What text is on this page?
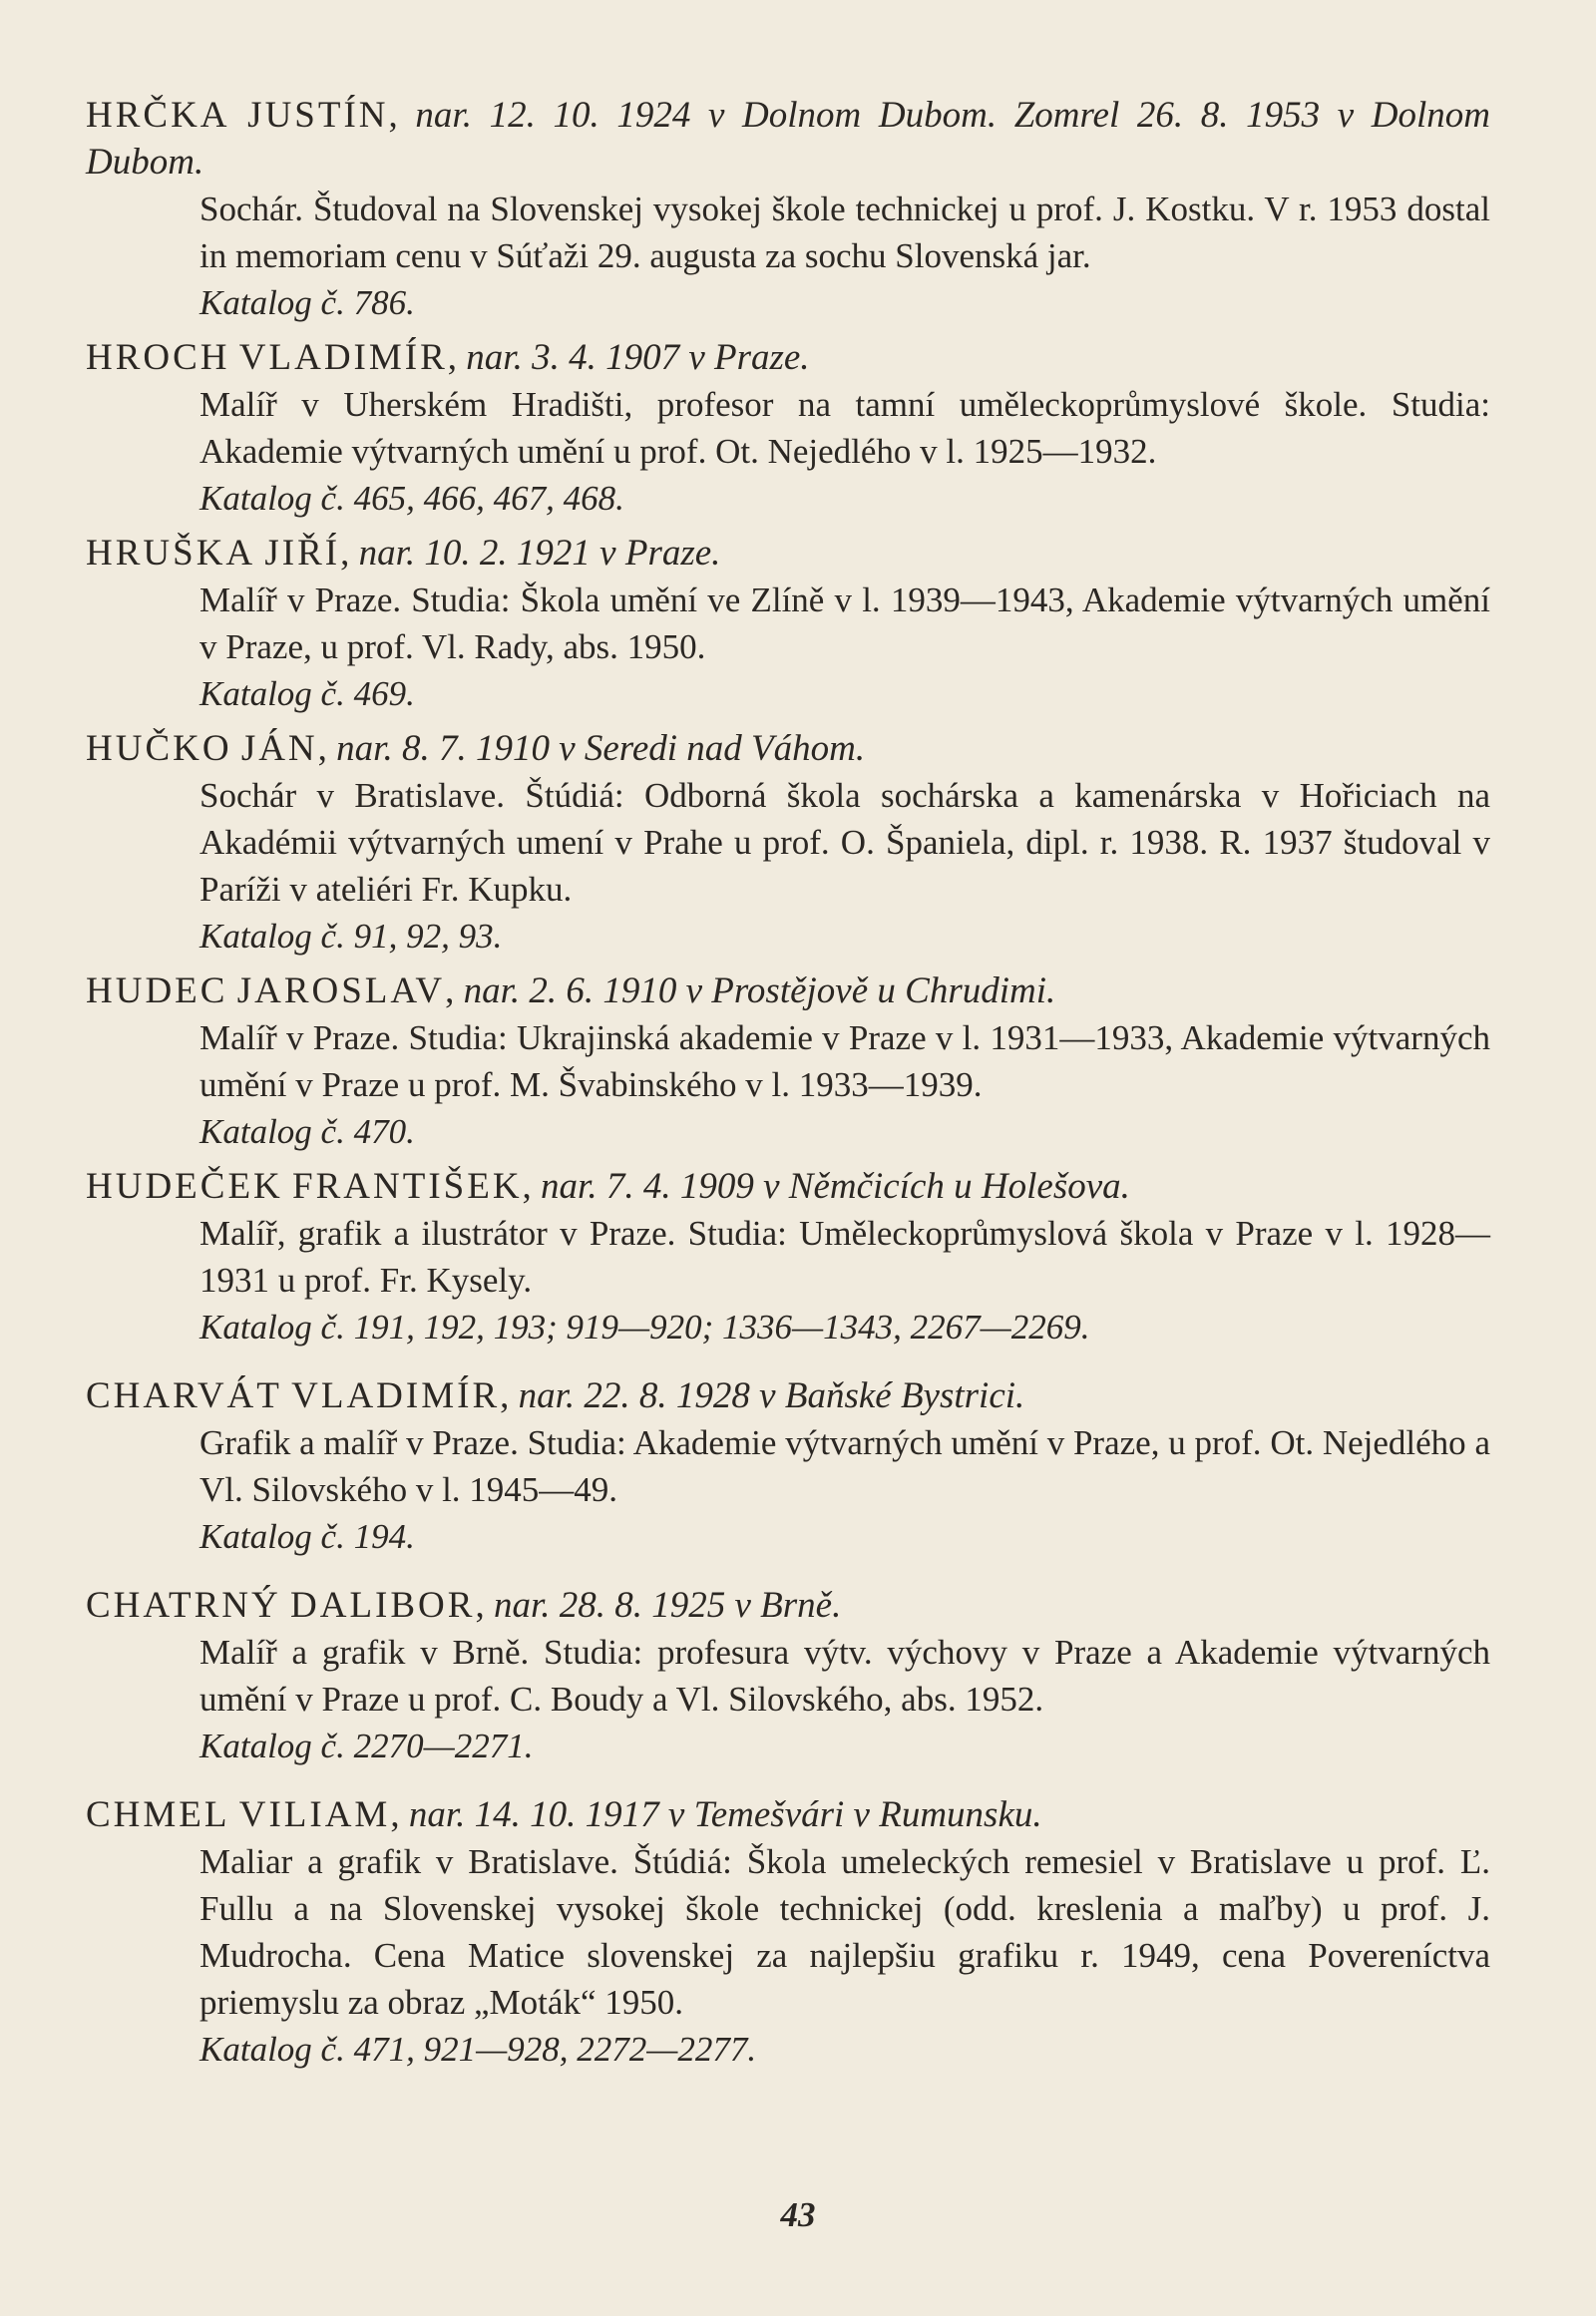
HRČKA JUSTÍN, nar. 12. 10. 1924 v Dolnom Dubom. Zomrel 26. 8. 1953 v Dolnom Dubom.
Sochár. Študoval na Slovenskej vysokej škole technickej u prof. J. Kostku. V r. 1953 dostal in memoriam cenu v Súťaži 29. augusta za sochu Slovenská jar.
Katalog č. 786.
HROCH VLADIMÍR, nar. 3. 4. 1907 v Praze.
Malíř v Uherském Hradišti, profesor na tamní uměleckoprůmyslové škole. Studia: Akademie výtvarných umění u prof. Ot. Nejedlého v l. 1925—1932.
Katalog č. 465, 466, 467, 468.
HRUŠKA JIŘÍ, nar. 10. 2. 1921 v Praze.
Malíř v Praze. Studia: Škola umění ve Zlíně v l. 1939—1943, Akademie výtvarných umění v Praze, u prof. Vl. Rady, abs. 1950.
Katalog č. 469.
HUČKO JÁN, nar. 8. 7. 1910 v Seredi nad Váhom.
Sochár v Bratislave. Štúdiá: Odborná škola sochárska a kamenárska v Hořiciach na Akadémii výtvarných umení v Prahe u prof. O. Španiela, dipl. r. 1938. R. 1937 študoval v Paríži v ateliéri Fr. Kupku.
Katalog č. 91, 92, 93.
HUDEC JAROSLAV, nar. 2. 6. 1910 v Prostějově u Chrudimi.
Malíř v Praze. Studia: Ukrajinská akademie v Praze v l. 1931—1933, Akademie výtvarných umění v Praze u prof. M. Švabinského v l. 1933—1939.
Katalog č. 470.
HUDEČEK FRANTIŠEK, nar. 7. 4. 1909 v Němčicích u Holešova.
Malíř, grafik a ilustrátor v Praze. Studia: Uměleckoprůmyslová škola v Praze v l. 1928—1931 u prof. Fr. Kysely.
Katalog č. 191, 192, 193; 919—920; 1336—1343, 2267—2269.
CHARVÁT VLADIMÍR, nar. 22. 8. 1928 v Baňské Bystrici.
Grafik a malíř v Praze. Studia: Akademie výtvarných umění v Praze, u prof. Ot. Nejedlého a Vl. Silovského v l. 1945—49.
Katalog č. 194.
CHATRNÝ DALIBOR, nar. 28. 8. 1925 v Brně.
Malíř a grafik v Brně. Studia: profesura výtv. výchovy v Praze a Akademie výtvarných umění v Praze u prof. C. Boudy a Vl. Silovského, abs. 1952.
Katalog č. 2270—2271.
CHMEL VILIAM, nar. 14. 10. 1917 v Temešvári v Rumunsku.
Maliar a grafik v Bratislave. Štúdiá: Škola umeleckých remesiel v Bratislave u prof. Ľ. Fullu a na Slovenskej vysokej škole technickej (odd. kreslenia a maľby) u prof. J. Mudrocha. Cena Matice slovenskej za najlepšiu grafiku r. 1949, cena Povereníctva priemyslu za obraz „Moták“ 1950.
Katalog č. 471, 921—928, 2272—2277.
43
